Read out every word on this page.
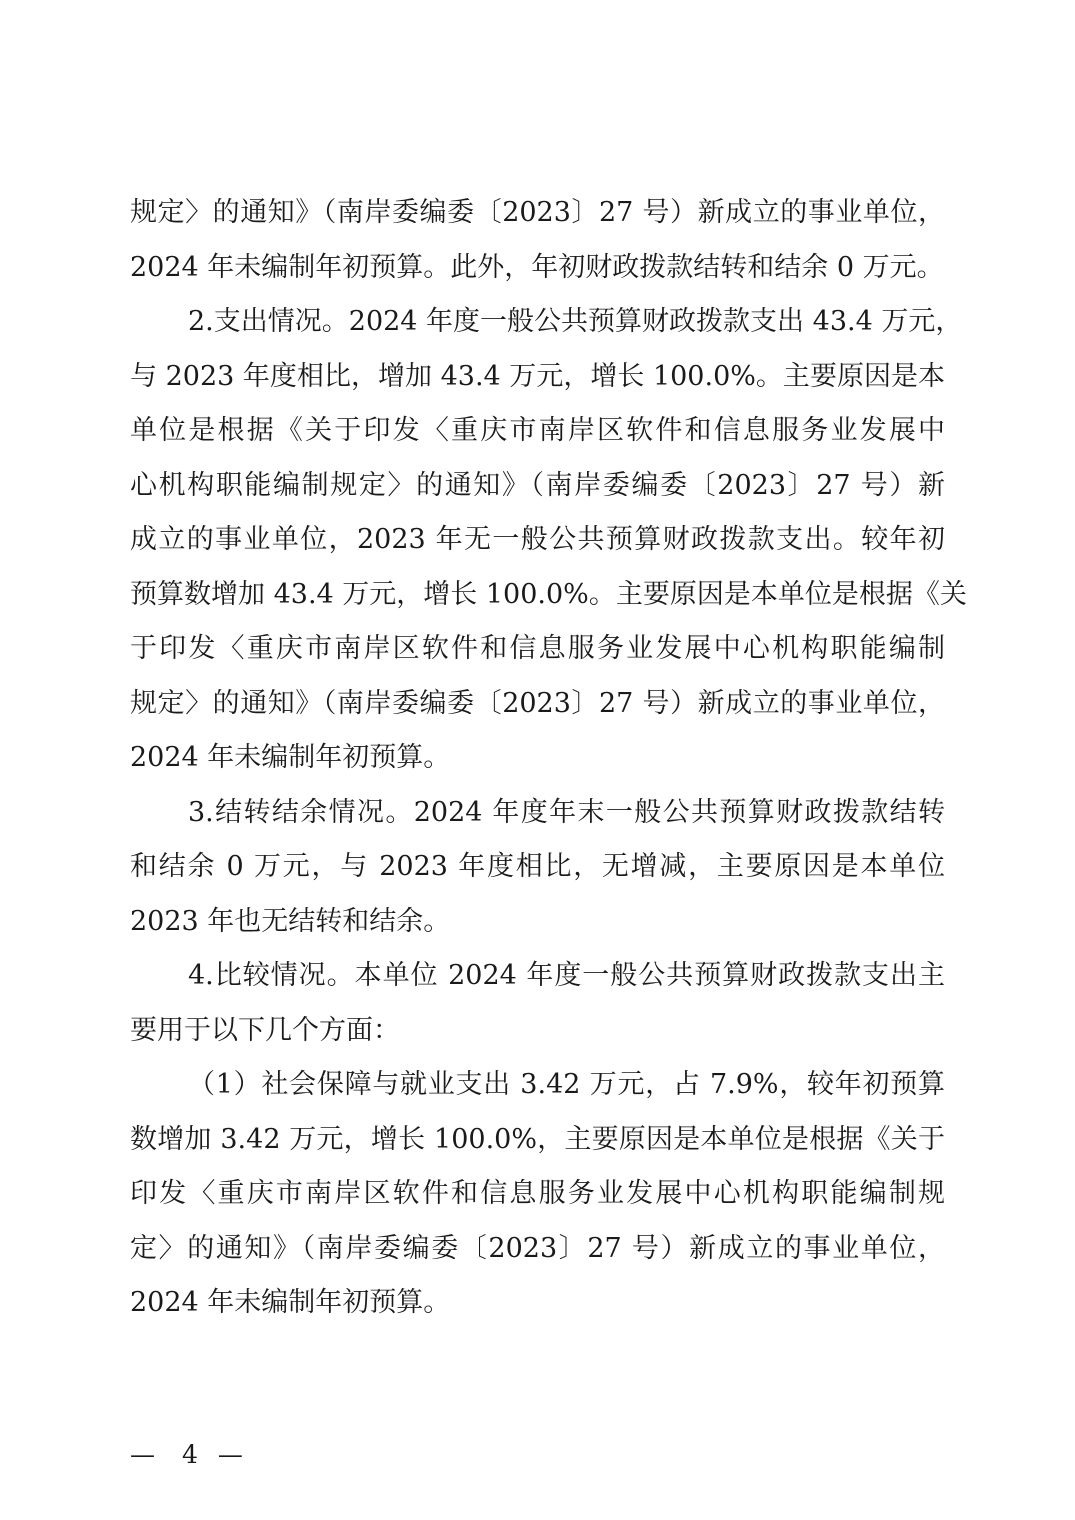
规定〉的通知》（南岸委编委〔2023〕27 号）新成立的事业单位，
2024 年未编制年初预算。此外，年初财政拨款结转和结余 0 万元。
2.支出情况。2024 年度一般公共预算财政拨款支出 43.4 万元，
与 2023 年度相比，增加 43.4 万元，增长 100.0%。主要原因是本
单位是根据《关于印发〈重庆市南岸区软件和信息服务业发展中
心机构职能编制规定〉的通知》（南岸委编委〔2023〕27 号）新
成立的事业单位，2023 年无一般公共预算财政拨款支出。较年初
预算数增加 43.4 万元，增长 100.0%。主要原因是本单位是根据《关
于印发〈重庆市南岸区软件和信息服务业发展中心机构职能编制
规定〉的通知》（南岸委编委〔2023〕27 号）新成立的事业单位，
2024 年未编制年初预算。
3.结转结余情况。2024 年度年末一般公共预算财政拨款结转
和结余 0 万元，与 2023 年度相比，无增减，主要原因是本单位
2023 年也无结转和结余。
4.比较情况。本单位 2024 年度一般公共预算财政拨款支出主
要用于以下几个方面：
（1）社会保障与就业支出 3.42 万元，占 7.9%，较年初预算
数增加 3.42 万元，增长 100.0%，主要原因是本单位是根据《关于
印发〈重庆市南岸区软件和信息服务业发展中心机构职能编制规
定〉的通知》（南岸委编委〔2023〕27 号）新成立的事业单位，
2024 年未编制年初预算。
— 4 —
